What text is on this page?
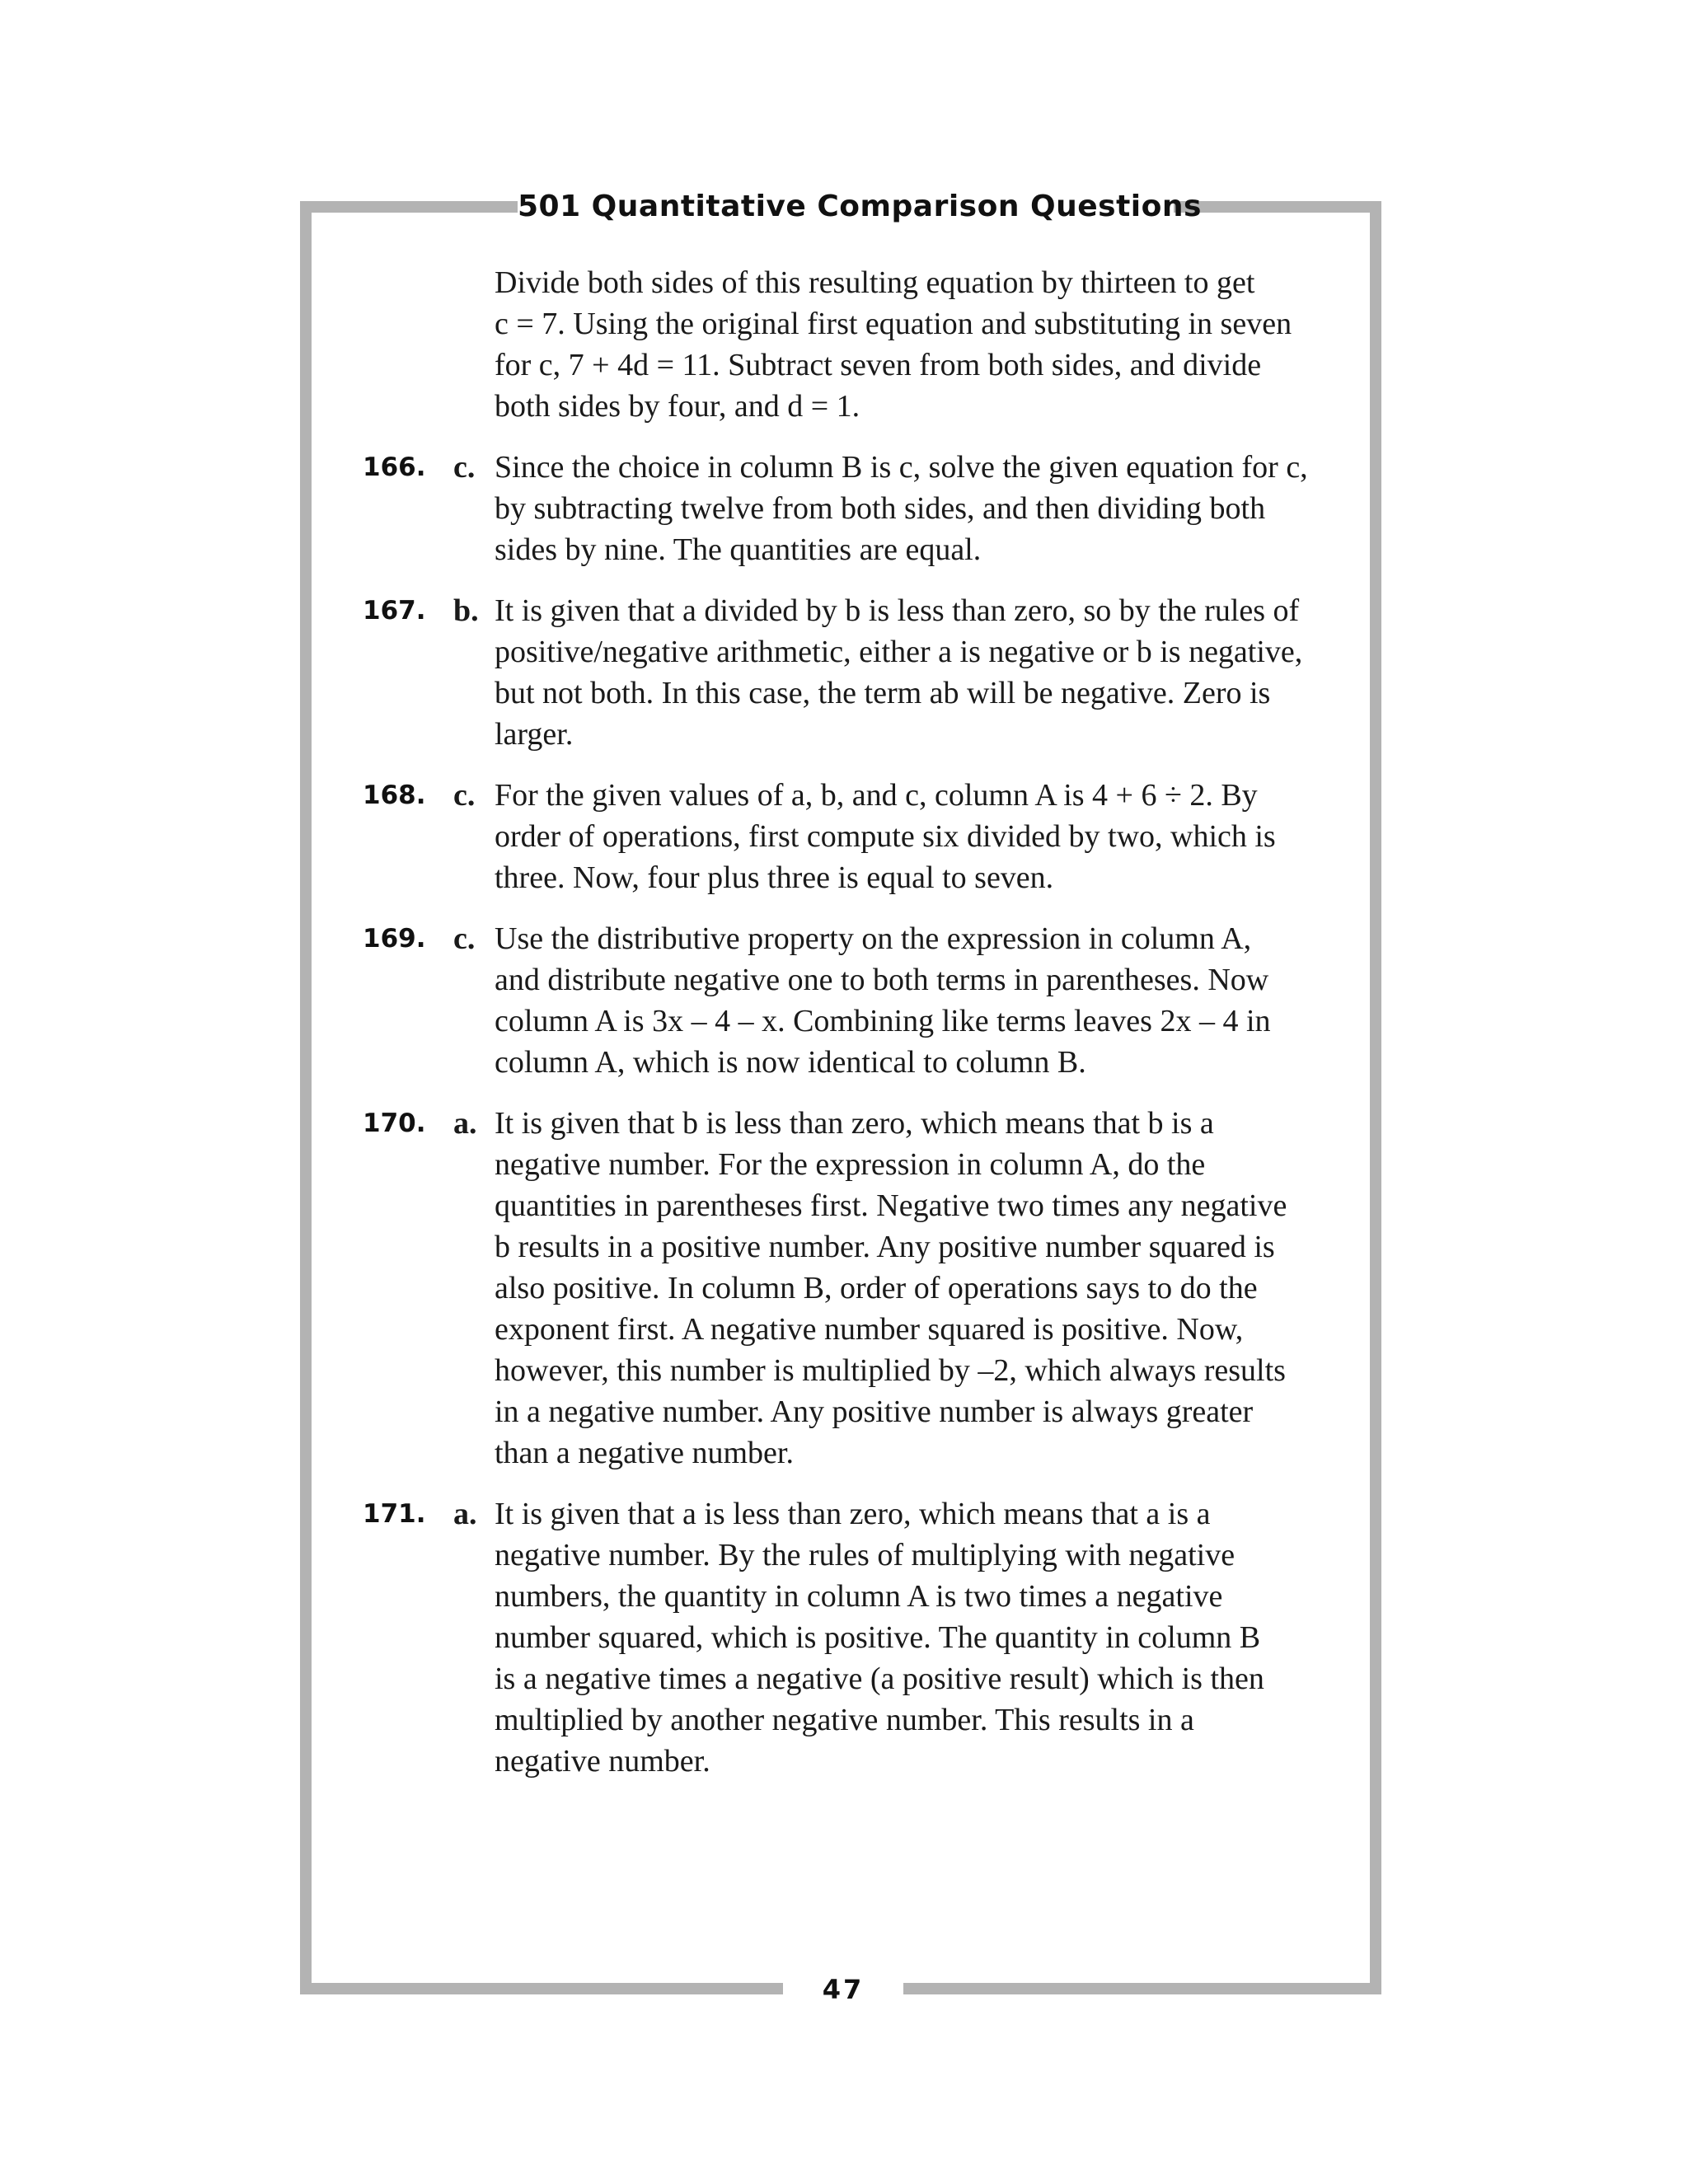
501 Quantitative Comparison Questions
Divide both sides of this resulting equation by thirteen to get
c = 7. Using the original first equation and substituting in seven
for c, 7 + 4d = 11. Subtract seven from both sides, and divide
both sides by four, and d = 1.
166. c. Since the choice in column B is c, solve the given equation for c,
by subtracting twelve from both sides, and then dividing both
sides by nine. The quantities are equal.
167. b. It is given that a divided by b is less than zero, so by the rules of
positive/negative arithmetic, either a is negative or b is negative,
but not both. In this case, the term ab will be negative. Zero is
larger.
168. c. For the given values of a, b, and c, column A is 4 + 6 ÷ 2. By
order of operations, first compute six divided by two, which is
three. Now, four plus three is equal to seven.
169. c. Use the distributive property on the expression in column A,
and distribute negative one to both terms in parentheses. Now
column A is 3x – 4 – x. Combining like terms leaves 2x – 4 in
column A, which is now identical to column B.
170. a. It is given that b is less than zero, which means that b is a
negative number. For the expression in column A, do the
quantities in parentheses first. Negative two times any negative
b results in a positive number. Any positive number squared is
also positive. In column B, order of operations says to do the
exponent first. A negative number squared is positive. Now,
however, this number is multiplied by –2, which always results
in a negative number. Any positive number is always greater
than a negative number.
171. a. It is given that a is less than zero, which means that a is a
negative number. By the rules of multiplying with negative
numbers, the quantity in column A is two times a negative
number squared, which is positive. The quantity in column B
is a negative times a negative (a positive result) which is then
multiplied by another negative number. This results in a
negative number.
47
